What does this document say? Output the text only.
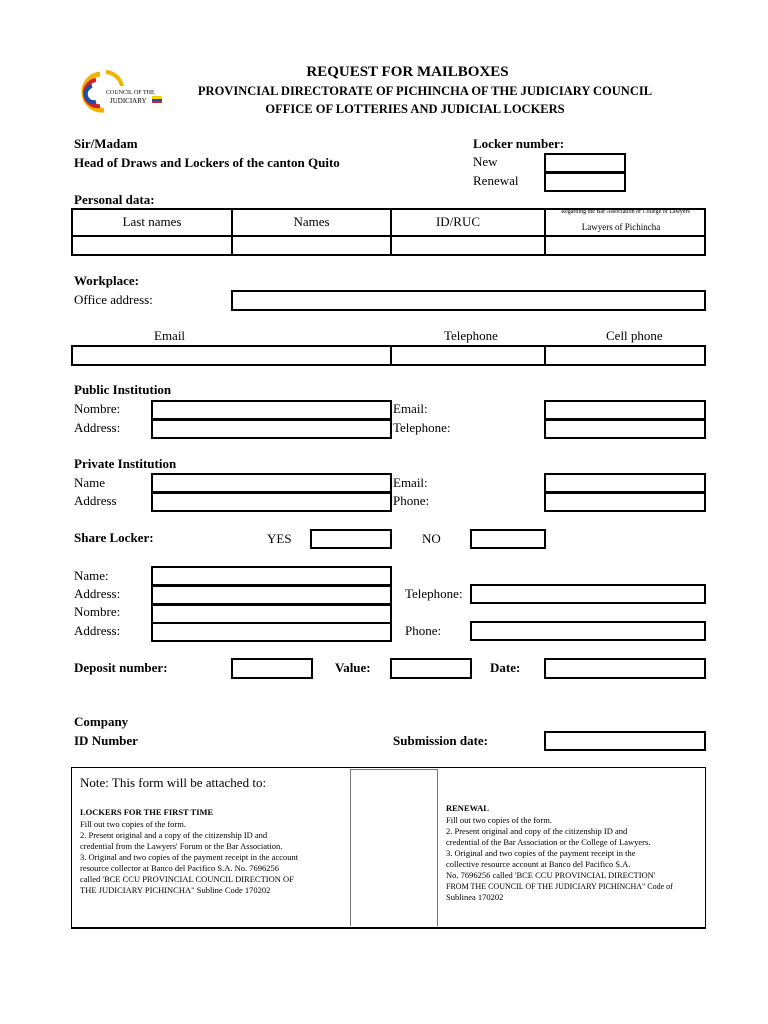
COUNCIL OF THE
JUDICIARY
REQUEST FOR MAILBOXES
PROVINCIAL DIRECTORATE OF PICHINCHA OF THE JUDICIARY COUNCIL
OFFICE OF LOTTERIES AND JUDICIAL LOCKERS
Sir/Madam
Head of Draws and Lockers of the canton Quito
Locker number:
New
Renewal
Personal data:
Last names	Names	ID/RUC
Regarding the Bar Association or College of Lawyers
Lawyers of Pichincha
Workplace:
Office address:
Email	Telephone	Cell phone
Public Institution
Nombre:
Address:
Email:
Telephone:
Private Institution
Name
Address
Email:
Phone:
Share Locker:	YES	NO
Name:
Address:
Nombre:
Address:
Telephone:
Phone:
Deposit number:	Value:	Date:
Company
ID Number	Submission date:
Note: This form will be attached to:
LOCKERS FOR THE FIRST TIME
Fill out two copies of the form.
2. Present original and a copy of the citizenship ID and
credential from the Lawyers' Forum or the Bar Association.
3. Original and two copies of the payment receipt in the account
resource collector at Banco del Pacifico S.A. No. 7696256
called 'BCE CCU PROVINCIAL COUNCIL DIRECTION OF
THE JUDICIARY PICHINCHA" Subline Code 170202
RENEWAL
Fill out two copies of the form.
2. Present original and copy of the citizenship ID and
credential of the Bar Association or the College of Lawyers.
3. Original and two copies of the payment receipt in the
collective resource account at Banco del Pacifico S.A.
No. 7696256 called 'BCE CCU PROVINCIAL DIRECTION'
FROM THE COUNCIL OF THE JUDICIARY PICHINCHA" Code of
Sublinea 170202
